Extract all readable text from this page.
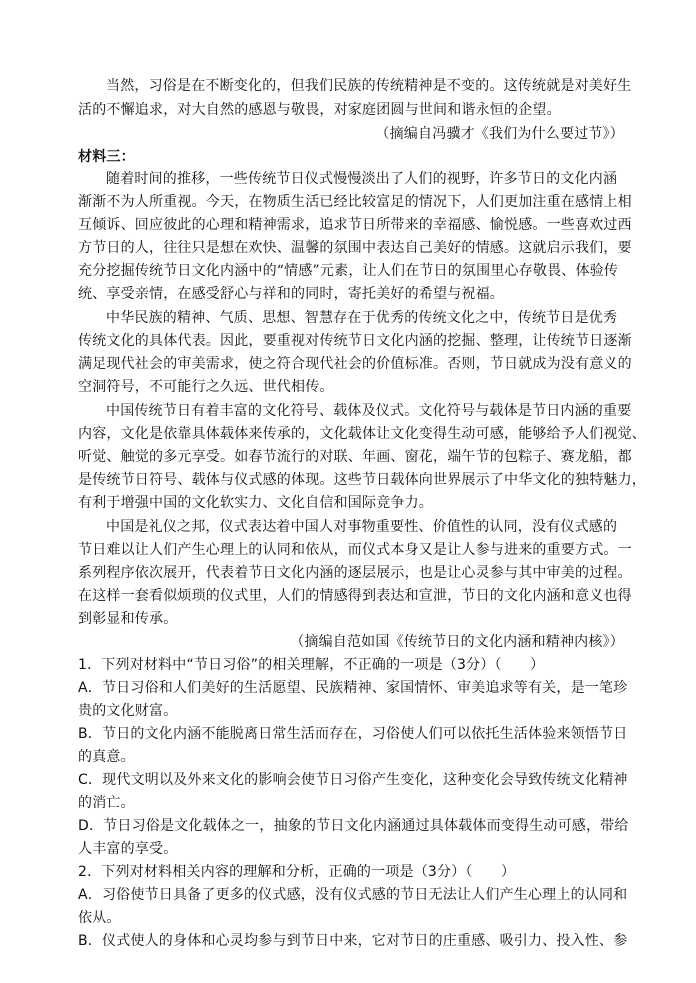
当然，习俗是在不断变化的，但我们民族的传统精神是不变的。这传统就是对美好生
活的不懈追求，对大自然的感恩与敬畏，对家庭团圆与世间和谐永恒的企望。
（摘编自冯骥才《我们为什么要过节》）
材料三：
随着时间的推移，一些传统节日仪式慢慢淡出了人们的视野，许多节日的文化内涵
渐渐不为人所重视。今天，在物质生活已经比较富足的情况下，人们更加注重在感情上相
互倾诉、回应彼此的心理和精神需求，追求节日所带来的幸福感、愉悦感。一些喜欢过西
方节日的人，往往只是想在欢快、温馨的氛围中表达自己美好的情感。这就启示我们，要
充分挖掘传统节日文化内涵中的“情感”元素，让人们在节日的氛围里心存敬畏、体验传
统、享受亲情，在感受舒心与祥和的同时，寄托美好的希望与祝福。
中华民族的精神、气质、思想、智慧存在于优秀的传统文化之中，传统节日是优秀
传统文化的具体代表。因此，要重视对传统节日文化内涵的挖掘、整理，让传统节日逐渐
满足现代社会的审美需求，使之符合现代社会的价值标准。否则，节日就成为没有意义的
空洞符号，不可能行之久远、世代相传。
中国传统节日有着丰富的文化符号、载体及仪式。文化符号与载体是节日内涵的重要
内容，文化是依靠具体载体来传承的，文化载体让文化变得生动可感，能够给予人们视觉、
听觉、触觉的多元享受。如春节流行的对联、年画、窗花，端午节的包粽子、赛龙船，都
是传统节日符号、载体与仪式感的体现。这些节日载体向世界展示了中华文化的独特魅力，
有利于增强中国的文化软实力、文化自信和国际竞争力。
中国是礼仪之邦，仪式表达着中国人对事物重要性、价值性的认同，没有仪式感的
节日难以让人们产生心理上的认同和依从，而仪式本身又是让人参与进来的重要方式。一
系列程序依次展开，代表着节日文化内涵的逐层展示，也是让心灵参与其中审美的过程。
在这样一套看似烦琐的仪式里，人们的情感得到表达和宣泄，节日的文化内涵和意义也得
到彰显和传承。
（摘编自范如国《传统节日的文化内涵和精神内核》）
1．下列对材料中“节日习俗”的相关理解，不正确的一项是（3分）（　　）
A．节日习俗和人们美好的生活愿望、民族精神、家国情怀、审美追求等有关，是一笔珍
贵的文化财富。
B．节日的文化内涵不能脱离日常生活而存在，习俗使人们可以依托生活体验来领悟节日
的真意。
C．现代文明以及外来文化的影响会使节日习俗产生变化，这种变化会导致传统文化精神
的消亡。
D．节日习俗是文化载体之一，抽象的节日文化内涵通过具体载体而变得生动可感，带给
人丰富的享受。
2．下列对材料相关内容的理解和分析，正确的一项是（3分）（　　）
A．习俗使节日具备了更多的仪式感，没有仪式感的节日无法让人们产生心理上的认同和
依从。
B．仪式使人的身体和心灵均参与到节日中来，它对节日的庄重感、吸引力、投入性、参
